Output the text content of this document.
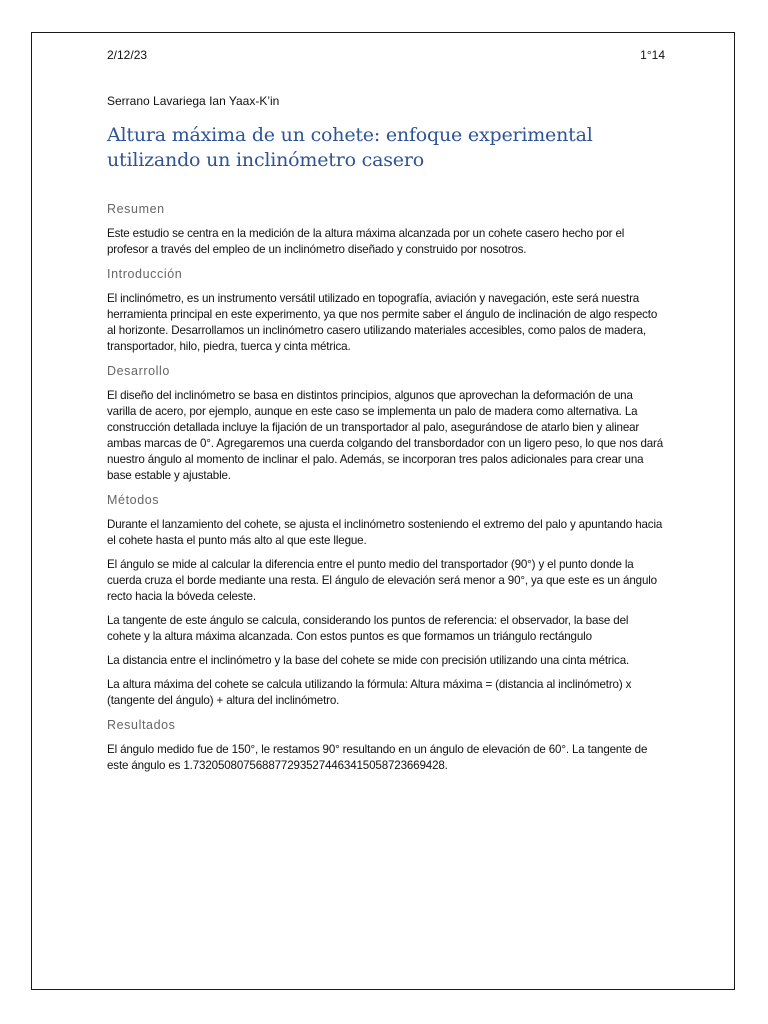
2/12/23	1°14
Serrano Lavariega Ian Yaax-K’in
Altura máxima de un cohete: enfoque experimental utilizando un inclinómetro casero
Resumen

Este estudio se centra en la medición de la altura máxima alcanzada por un cohete casero hecho por el profesor a través del empleo de un inclinómetro diseñado y construido por nosotros.

Introducción

El inclinómetro, es un instrumento versátil utilizado en topografía, aviación y navegación, este será nuestra herramienta principal en este experimento, ya que nos permite saber el ángulo de inclinación de algo respecto al horizonte. Desarrollamos un inclinómetro casero utilizando materiales accesibles, como palos de madera, transportador, hilo, piedra, tuerca y cinta métrica.

Desarrollo

El diseño del inclinómetro se basa en distintos principios, algunos que aprovechan la deformación de una varilla de acero, por ejemplo, aunque en este caso se implementa un palo de madera como alternativa. La construcción detallada incluye la fijación de un transportador al palo, asegurándose de atarlo bien y alinear ambas marcas de 0°. Agregaremos una cuerda colgando del transbordador con un ligero peso, lo que nos dará nuestro ángulo al momento de inclinar el palo. Además, se incorporan tres palos adicionales para crear una base estable y ajustable.

Métodos

Durante el lanzamiento del cohete, se ajusta el inclinómetro sosteniendo el extremo del palo y apuntando hacia el cohete hasta el punto más alto al que este llegue.

El ángulo se mide al calcular la diferencia entre el punto medio del transportador (90°) y el punto donde la cuerda cruza el borde mediante una resta. El ángulo de elevación será menor a 90°, ya que este es un ángulo recto hacia la bóveda celeste.

La tangente de este ángulo se calcula, considerando los puntos de referencia: el observador, la base del cohete y la altura máxima alcanzada. Con estos puntos es que formamos un triángulo rectángulo

La distancia entre el inclinómetro y la base del cohete se mide con precisión utilizando una cinta métrica.

La altura máxima del cohete se calcula utilizando la fórmula: Altura máxima = (distancia al inclinómetro) x (tangente del ángulo) + altura del inclinómetro.

Resultados

El ángulo medido fue de 150°, le restamos 90° resultando en un ángulo de elevación de 60°. La tangente de este ángulo es 1.7320508075688772935274463415058723669428.
